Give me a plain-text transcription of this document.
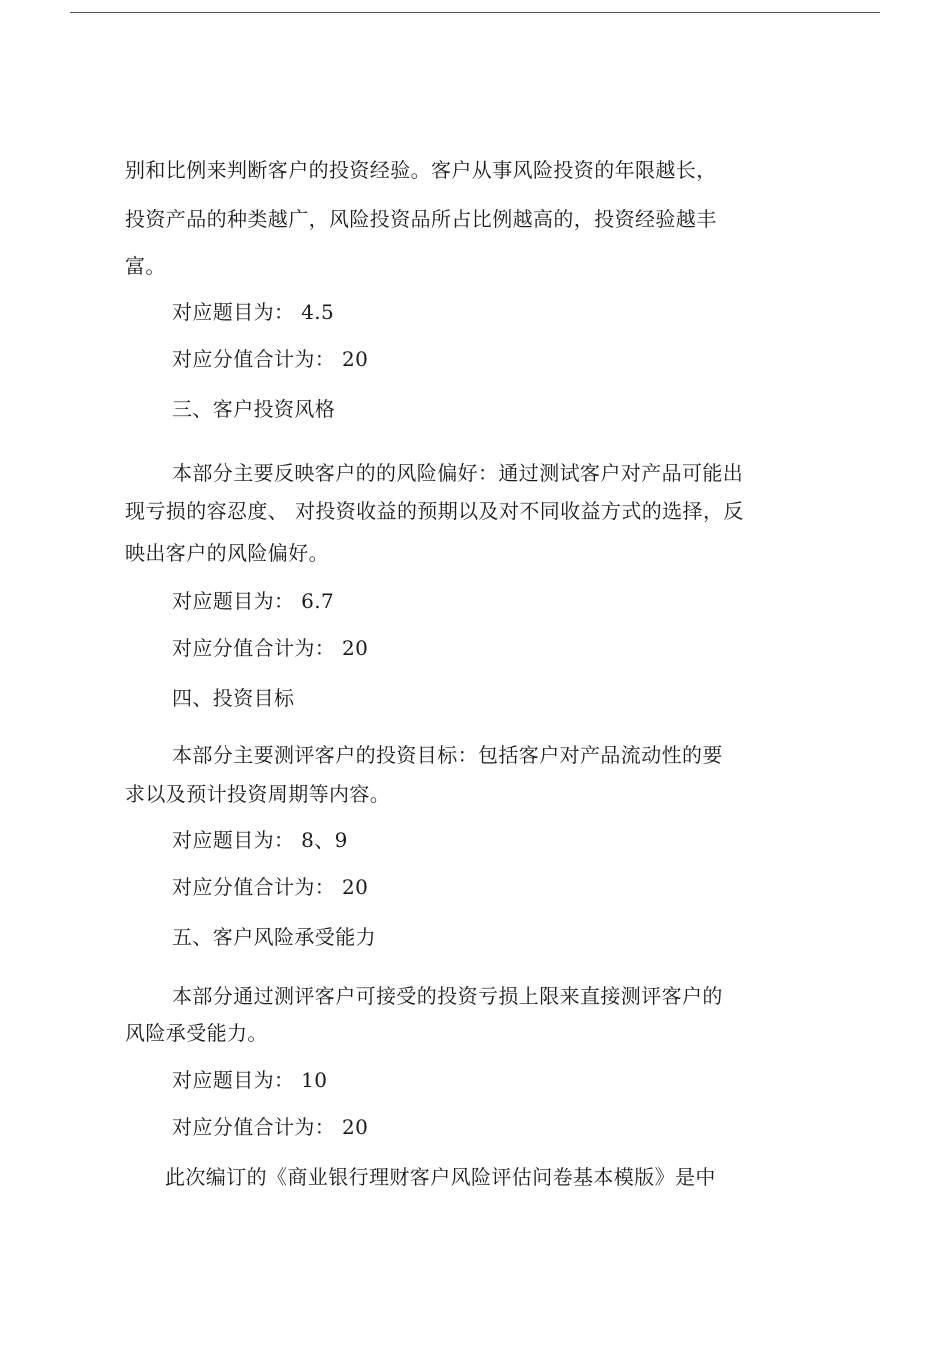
别和比例来判断客户的投资经验。客户从事风险投资的年限越长，
投资产品的种类越广，风险投资品所占比例越高的，投资经验越丰
富。
对应题目为： 4.5
对应分值合计为： 20
三、客户投资风格
本部分主要反映客户的的风险偏好：通过测试客户对产品可能出
现亏损的容忍度、 对投资收益的预期以及对不同收益方式的选择，反
映出客户的风险偏好。
对应题目为： 6.7
对应分值合计为： 20
四、投资目标
本部分主要测评客户的投资目标：包括客户对产品流动性的要
求以及预计投资周期等内容。
对应题目为： 8、9
对应分值合计为： 20
五、客户风险承受能力
本部分通过测评客户可接受的投资亏损上限来直接测评客户的
风险承受能力。
对应题目为： 10
对应分值合计为： 20
此次编订的《商业银行理财客户风险评估问卷基本模版》是中
